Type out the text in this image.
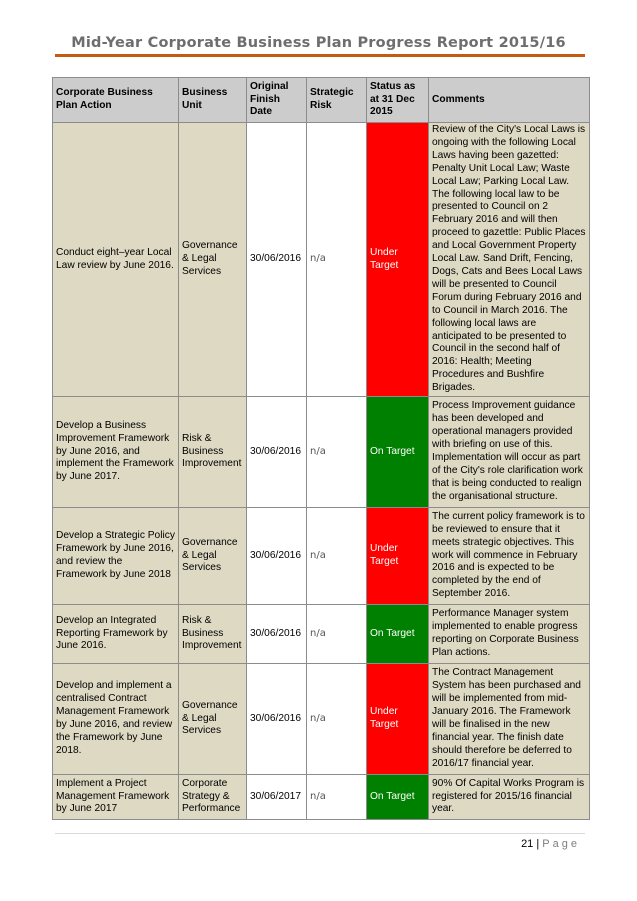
Mid-Year Corporate Business Plan Progress Report 2015/16
Corporate Business Plan Action	Business Unit	Original Finish Date	Strategic Risk	Status as at 31 Dec 2015	Comments
Conduct eight–year Local Law review by June 2016.	Governance & Legal Services	30/06/2016	n/a	Under Target	Review of the City's Local Laws is ongoing with the following Local Laws having been gazetted: Penalty Unit Local Law; Waste Local Law; Parking Local Law. The following local law to be presented to Council on 2 February 2016 and will then proceed to gazettle: Public Places and Local Government Property Local Law. Sand Drift, Fencing, Dogs, Cats and Bees Local Laws will be presented to Council Forum during February 2016 and to Council in March 2016. The following local laws are anticipated to be presented to Council in the second half of 2016: Health; Meeting Procedures and Bushfire Brigades.
Develop a Business Improvement Framework by June 2016, and implement the Framework by June 2017.	Risk & Business Improvement	30/06/2016	n/a	On Target	Process Improvement guidance has been developed and operational managers provided with briefing on use of this. Implementation will occur as part of the City's role clarification work that is being conducted to realign the organisational structure.
Develop a Strategic Policy Framework by June 2016, and review the Framework by June 2018	Governance & Legal Services	30/06/2016	n/a	Under Target	The current policy framework is to be reviewed to ensure that it meets strategic objectives. This work will commence in February 2016 and is expected to be completed by the end of September 2016.
Develop an Integrated Reporting Framework by June 2016.	Risk & Business Improvement	30/06/2016	n/a	On Target	Performance Manager system implemented to enable progress reporting on Corporate Business Plan actions.
Develop and implement a centralised Contract Management Framework by June 2016, and review the Framework by June 2018.	Governance & Legal Services	30/06/2016	n/a	Under Target	The Contract Management System has been purchased and will be implemented from mid-January 2016. The Framework will be finalised in the new financial year. The finish date should therefore be deferred to 2016/17 financial year.
Implement a Project Management Framework by June 2017	Corporate Strategy & Performance	30/06/2017	n/a	On Target	90% Of Capital Works Program is registered for 2015/16 financial year.
21 | Page
